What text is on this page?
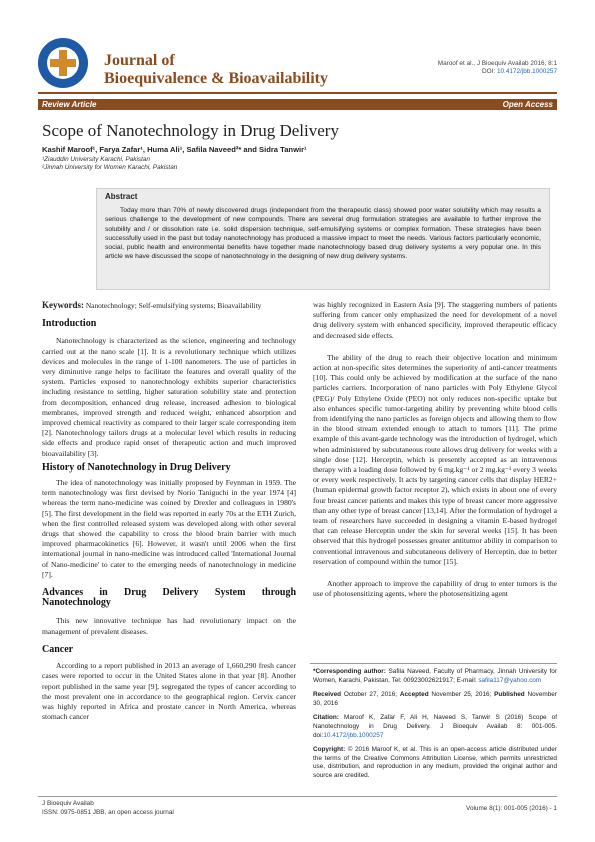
Journal of
Bioequivalence & Bioavailability
Maroof et al., J Bioequiv Availab 2016, 8:1
DOI: 10.4172/jbb.1000257
Review Article	Open Access
Scope of Nanotechnology in Drug Delivery
Kashif Maroof¹, Farya Zafar¹, Huma Ali¹, Safila Naveed²* and Sidra Tanwir¹
¹Ziauddin University Karachi, Pakistan
²Jinnah University for Women Karachi, Pakistan
Abstract

Today more than 70% of newly discovered drugs (independent from the therapeutic class) showed poor water solubility which may results a serious challenge to the development of new compounds. There are several drug formulation strategies are available to further improve the solubility and / or dissolution rate i.e. solid dispersion technique, self-emulsifying systems or complex formation. These strategies have been successfully used in the past but today nanotechnology has produced a massive impact to meet the needs. Various factors particularly economic, social, public health and environmental benefits have together made nanotechnology based drug delivery systems a very popular one. In this article we have discussed the scope of nanotechnology in the designing of new drug delivery systems.

Keywords: Nanotechnology; Self-emulsifying systems; Bioavailability
Introduction

Nanotechnology is characterized as the science, engineering and technology carried out at the nano scale [1]. It is a revolutionary technique which utilizes devices and molecules in the range of 1-100 nanometers. The use of particles in very diminutive range helps to facilitate the features and overall quality of the system. Particles exposed to nanotechnology exhibits superior characteristics including resistance to settling, higher saturation solubility state and protection from decomposition, enhanced drug release, increased adhesion to biological membranes, improved strength and reduced weight, enhanced absorption and improved chemical reactivity as compared to their larger scale corresponding item [2]. Nanotechnology tailors drugs at a molecular level which results in reducing side effects and produce rapid onset of therapeutic action and much improved bioavailability [3].

History of Nanotechnology in Drug Delivery

The idea of nanotechnology was initially proposed by Feynman in 1959. The term nanotechnology was first devised by Norio Taniguchi in the year 1974 [4] whereas the term nano-medicine was coined by Drexler and colleagues in 1980's [5]. The first development in the field was reported in early 70s at the ETH Zurich, when the first controlled released system was developed along with other several drugs that showed the capability to cross the blood brain barrier with much improved pharmacokinetics [6]. However, it wasn't until 2006 when the first international journal in nano-medicine was introduced called 'International Journal of Nano-medicine' to cater to the emerging needs of nanotechnology in medicine [7].

Advances in Drug Delivery System through Nanotechnology

This new innovative technique has had revolutionary impact on the management of prevalent diseases.

Cancer

According to a report published in 2013 an average of 1,660,290 fresh cancer cases were reported to occur in the United States alone in that year [8]. Another report published in the same year [9], segregated the types of cancer according to the most prevalent one in accordance to the geographical region. Cervix cancer was highly reported in Africa and prostate cancer in North America, whereas stomach cancer

was highly recognized in Eastern Asia [9]. The staggering numbers of patients suffering from cancer only emphasized the need for development of a novel drug delivery system with enhanced specificity, improved therapeutic efficacy and decreased side effects.

The ability of the drug to reach their objective location and minimum action at non-specific sites determines the superiority of anti-cancer treatments [10]. This could only be achieved by modification at the surface of the nano particles carriers. Incorporation of nano particles with Poly Ethylene Glycol (PEG)/ Poly Ethylene Oxide (PEO) not only reduces non-specific uptake but also enhances specific tumor-targeting ability by preventing white blood cells from identifying the nano particles as foreign objects and allowing them to flow in the blood stream extended enough to attach to tumors [11]. The prime example of this avant-garde technology was the introduction of hydrogel, which when administered by subcutaneous route allows drug delivery for weeks with a single dose [12]. Herceptin, which is presently accepted as an intravenous therapy with a loading dose followed by 6 mg.kg⁻¹ or 2 mg.kg⁻¹ every 3 weeks or every week respectively. It acts by targeting cancer cells that display HER2+ (human epidermal growth factor receptor 2), which exists in about one of every four breast cancer patients and makes this type of breast cancer more aggressive than any other type of breast cancer [13,14]. After the formulation of hydrogel a team of researchers have succeeded in designing a vitamin E-based hydrogel that can release Herceptin under the skin for several weeks [15]. It has been observed that this hydrogel possesses greater antitumor ability in comparison to conventional intravenous and subcutaneous delivery of Herceptin, due to better reservation of compound within the tumor [15].

Another approach to improve the capability of drug to enter tumors is the use of photosensitizing agents, where the photosensitizing agent

*Corresponding author: Safila Naveed, Faculty of Pharmacy, Jinnah University for Women, Karachi, Pakistan, Tel: 00923002621917; E-mail: safila117@yahoo.com
Received October 27, 2016; Accepted November 25, 2016; Published November 30, 2016
Citation: Maroof K, Zafar F, Ali H, Naveed S, Tanwir S (2016) Scope of Nanotechnology in Drug Delivery. J Bioequiv Availab 8: 001-005. doi:10.4172/jbb.1000257
Copyright: © 2016 Maroof K, et al. This is an open-access article distributed under the terms of the Creative Commons Attribution License, which permits unrestricted use, distribution, and reproduction in any medium, provided the original author and source are credited.
J Bioequiv Availab
ISSN: 0975-0851 JBB, an open access journal
Volume 8(1): 001-005 (2016) - 1
